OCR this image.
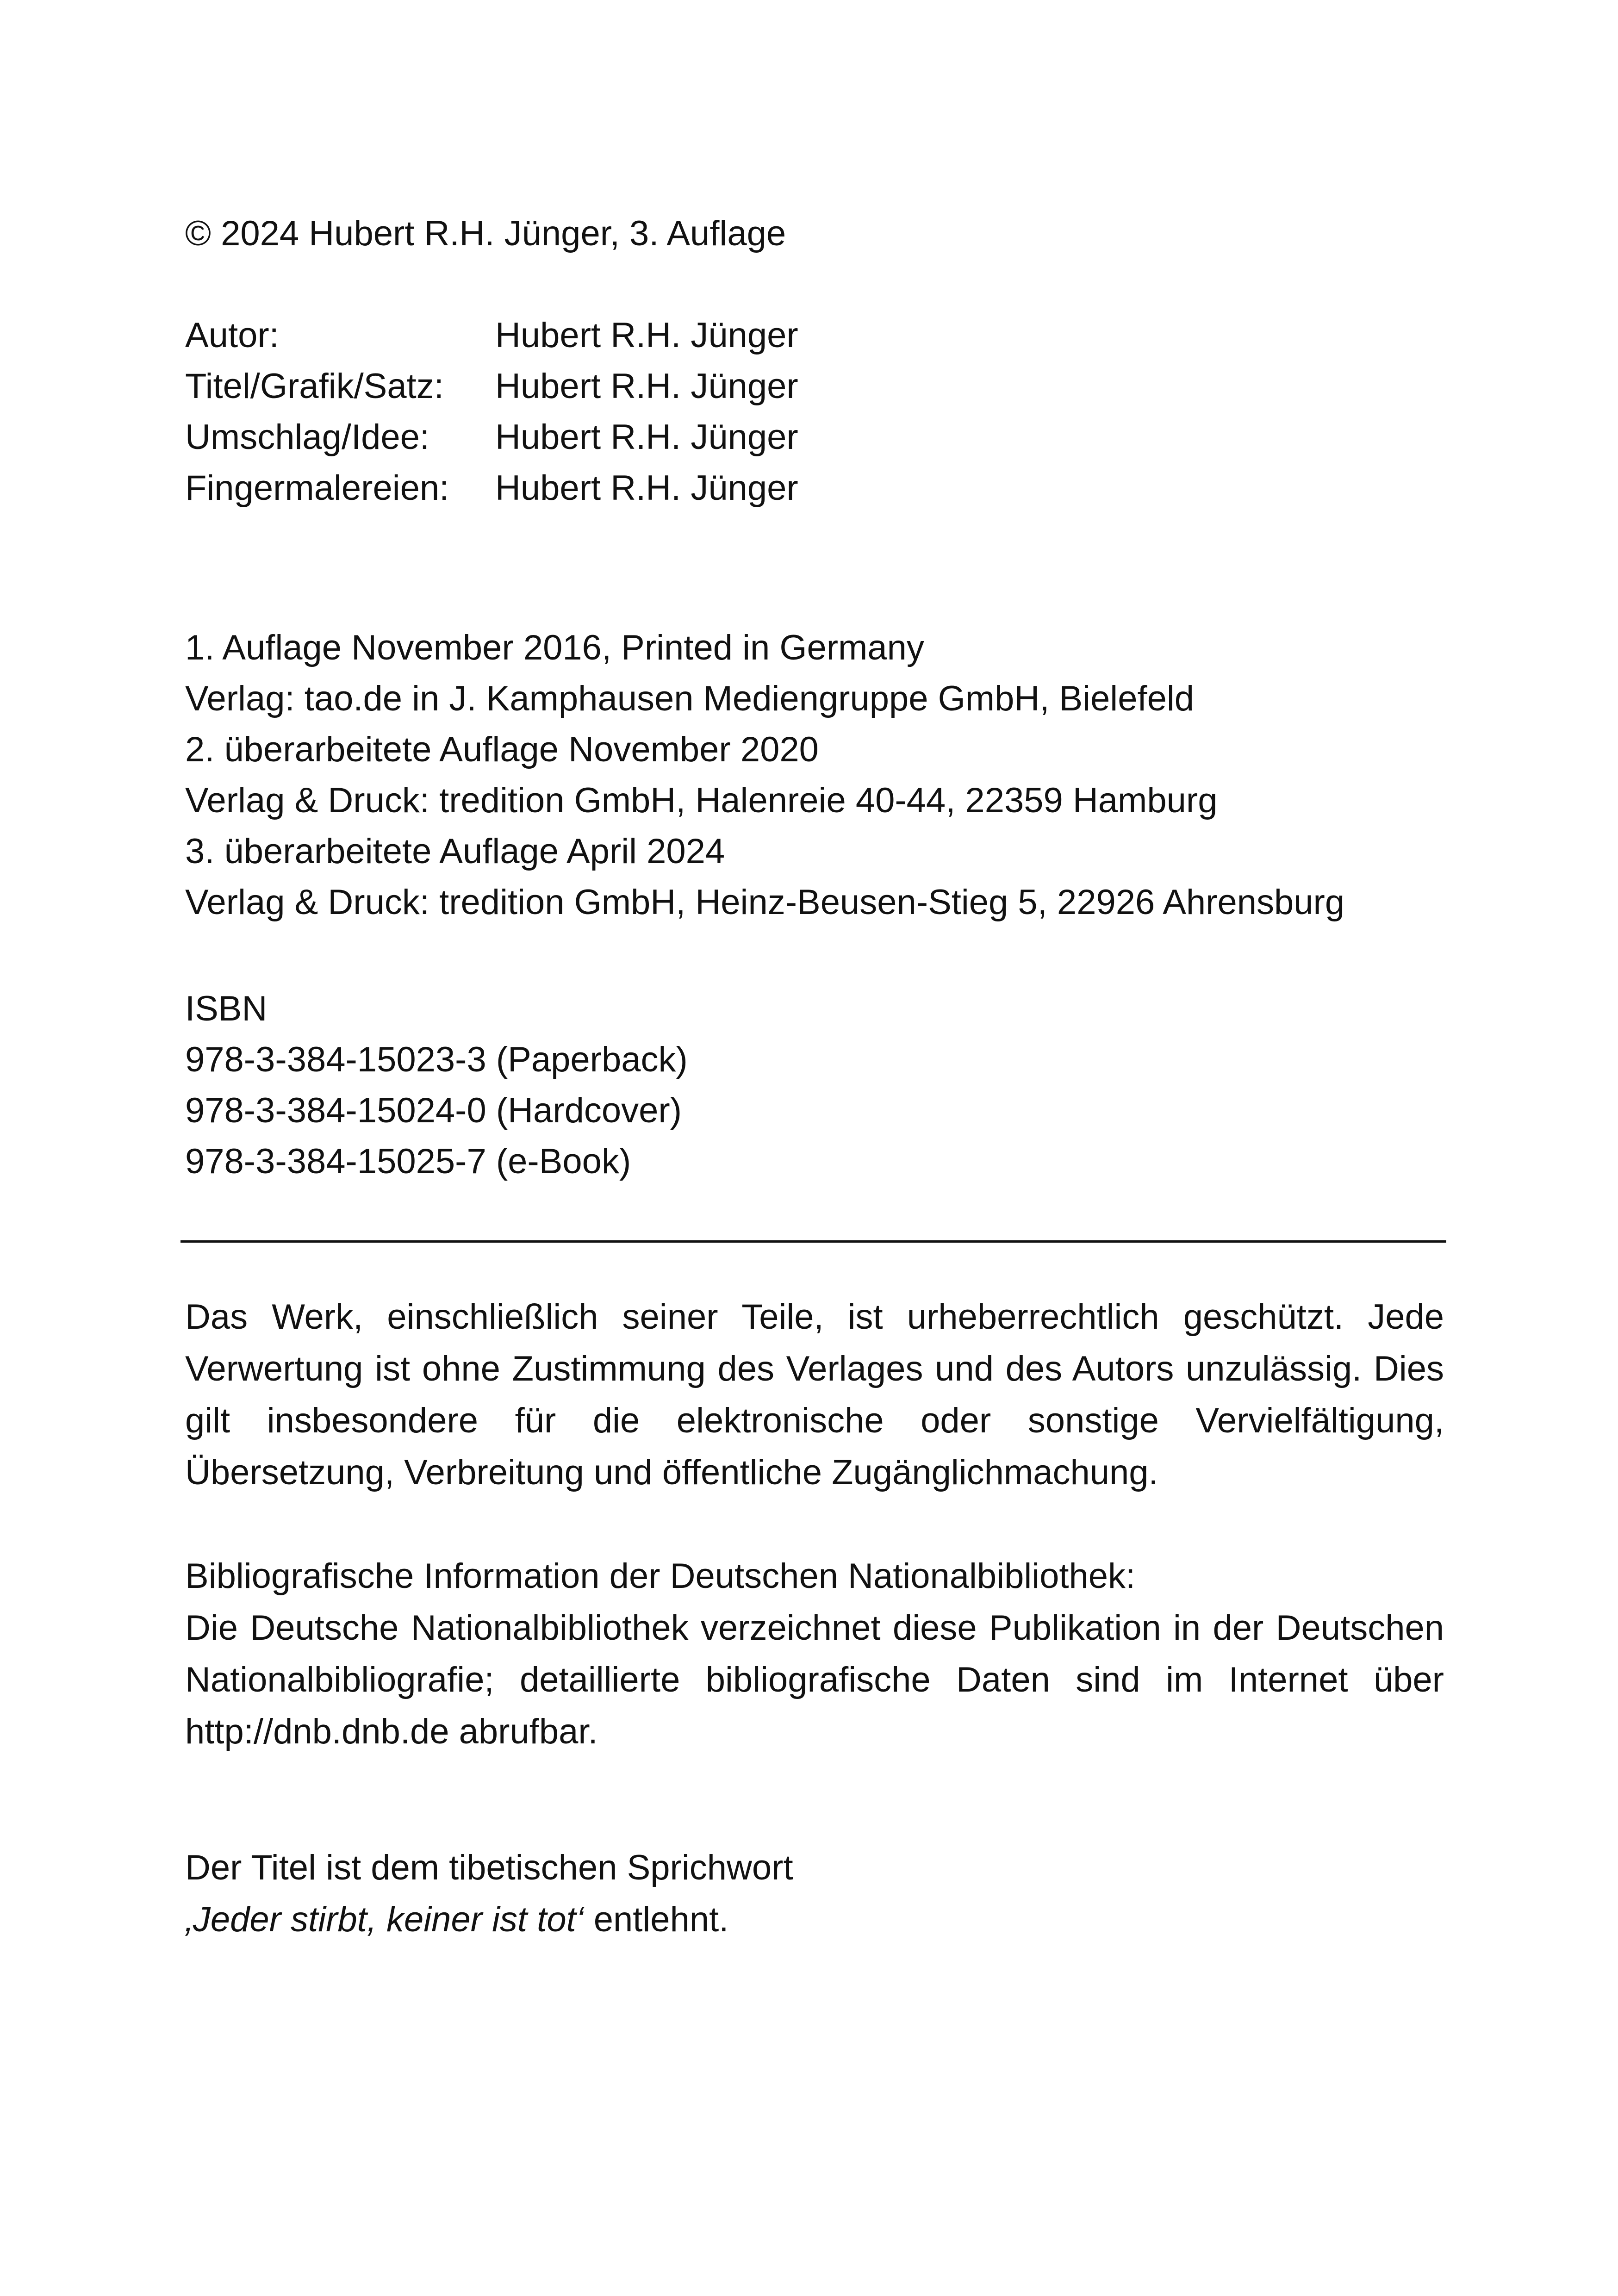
© 2024 Hubert R.H. Jünger, 3. Auflage
Autor:	Hubert R.H. Jünger
Titel/Grafik/Satz: Hubert R.H. Jünger
Umschlag/Idee: Hubert R.H. Jünger
Fingermalereien: Hubert R.H. Jünger
1. Auflage November 2016, Printed in Germany
Verlag: tao.de in J. Kamphausen Mediengruppe GmbH, Bielefeld
2. überarbeitete Auflage November 2020
Verlag & Druck: tredition GmbH, Halenreie 40-44, 22359 Hamburg
3. überarbeitete Auflage April 2024
Verlag & Druck: tredition GmbH, Heinz-Beusen-Stieg 5, 22926 Ahrensburg
ISBN
978-3-384-15023-3 (Paperback)
978-3-384-15024-0 (Hardcover)
978-3-384-15025-7 (e-Book)
Das Werk, einschließlich seiner Teile, ist urheberrechtlich geschützt. Jede Verwertung ist ohne Zustimmung des Verlages und des Autors unzulässig. Dies gilt insbesondere für die elektronische oder sonstige Vervielfältigung, Übersetzung, Verbreitung und öffentliche Zugänglichmachung.
Bibliografische Information der Deutschen Nationalbibliothek:
Die Deutsche Nationalbibliothek verzeichnet diese Publikation in der Deutschen Nationalbibliografie; detaillierte bibliografische Daten sind im Internet über http://dnb.dnb.de abrufbar.
Der Titel ist dem tibetischen Sprichwort
‚Jeder stirbt, keiner ist tot‘ entlehnt.
